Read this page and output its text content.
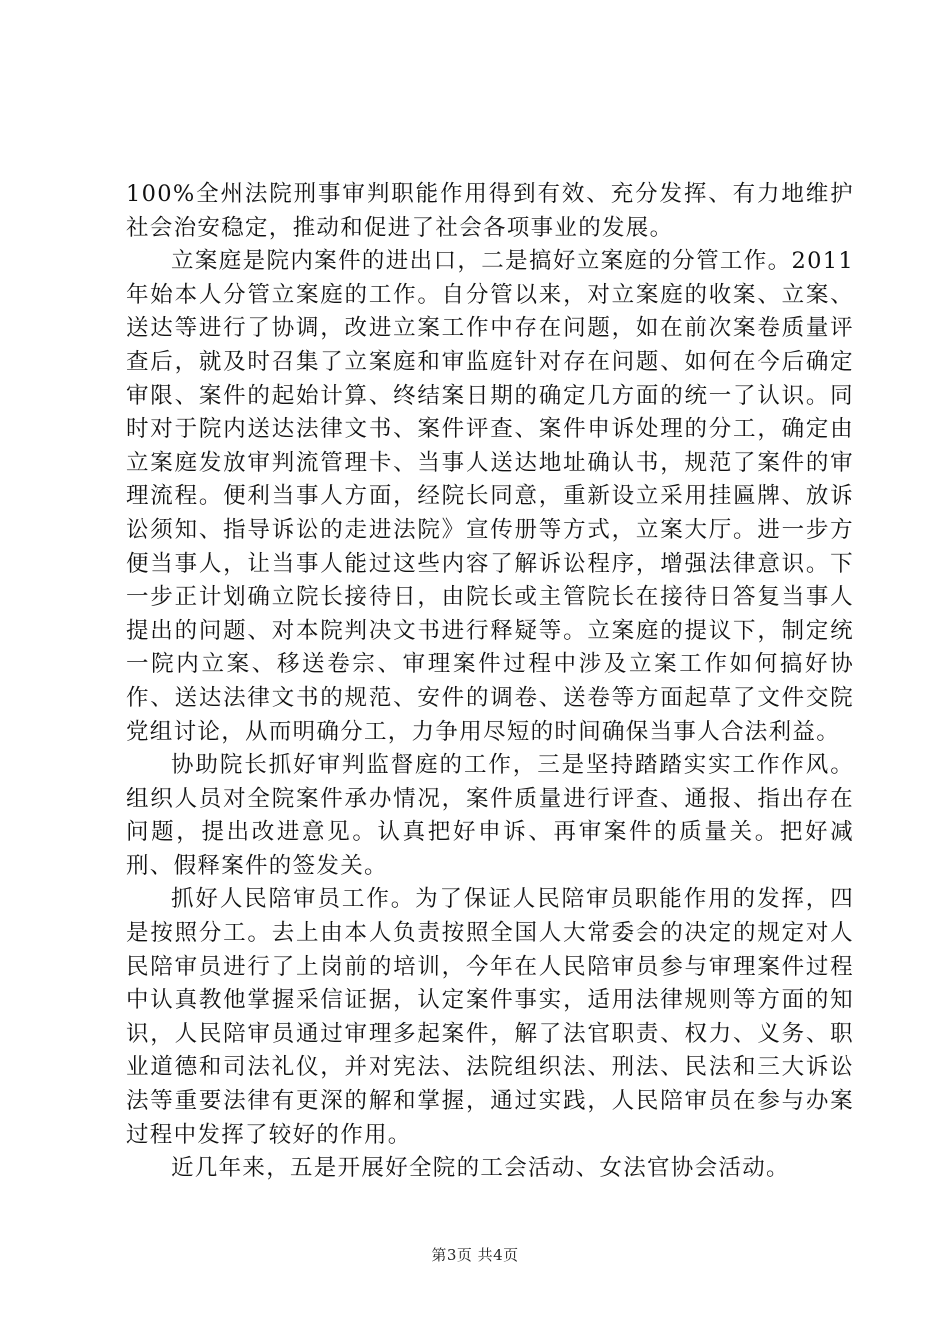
100%全州法院刑事审判职能作用得到有效、充分发挥、有力地维护社会治安稳定，推动和促进了社会各项事业的发展。

立案庭是院内案件的进出口，二是搞好立案庭的分管工作。2011年始本人分管立案庭的工作。自分管以来，对立案庭的收案、立案、送达等进行了协调，改进立案工作中存在问题，如在前次案卷质量评查后，就及时召集了立案庭和审监庭针对存在问题、如何在今后确定审限、案件的起始计算、终结案日期的确定几方面的统一了认识。同时对于院内送达法律文书、案件评查、案件申诉处理的分工，确定由立案庭发放审判流管理卡、当事人送达地址确认书，规范了案件的审理流程。便利当事人方面，经院长同意，重新设立采用挂匾牌、放诉讼须知、指导诉讼的走进法院》宣传册等方式，立案大厅。进一步方便当事人，让当事人能过这些内容了解诉讼程序，增强法律意识。下一步正计划确立院长接待日，由院长或主管院长在接待日答复当事人提出的问题、对本院判决文书进行释疑等。立案庭的提议下，制定统一院内立案、移送卷宗、审理案件过程中涉及立案工作如何搞好协作、送达法律文书的规范、安件的调卷、送卷等方面起草了文件交院党组讨论，从而明确分工，力争用尽短的时间确保当事人合法利益。

协助院长抓好审判监督庭的工作，三是坚持踏踏实实工作作风。组织人员对全院案件承办情况，案件质量进行评查、通报、指出存在问题，提出改进意见。认真把好申诉、再审案件的质量关。把好减刑、假释案件的签发关。

抓好人民陪审员工作。为了保证人民陪审员职能作用的发挥，四是按照分工。去上由本人负责按照全国人大常委会的决定的规定对人民陪审员进行了上岗前的培训，今年在人民陪审员参与审理案件过程中认真教他掌握采信证据，认定案件事实，适用法律规则等方面的知识，人民陪审员通过审理多起案件，解了法官职责、权力、义务、职业道德和司法礼仪，并对宪法、法院组织法、刑法、民法和三大诉讼法等重要法律有更深的解和掌握，通过实践，人民陪审员在参与办案过程中发挥了较好的作用。

近几年来，五是开展好全院的工会活动、女法官协会活动。

第3页 共4页
